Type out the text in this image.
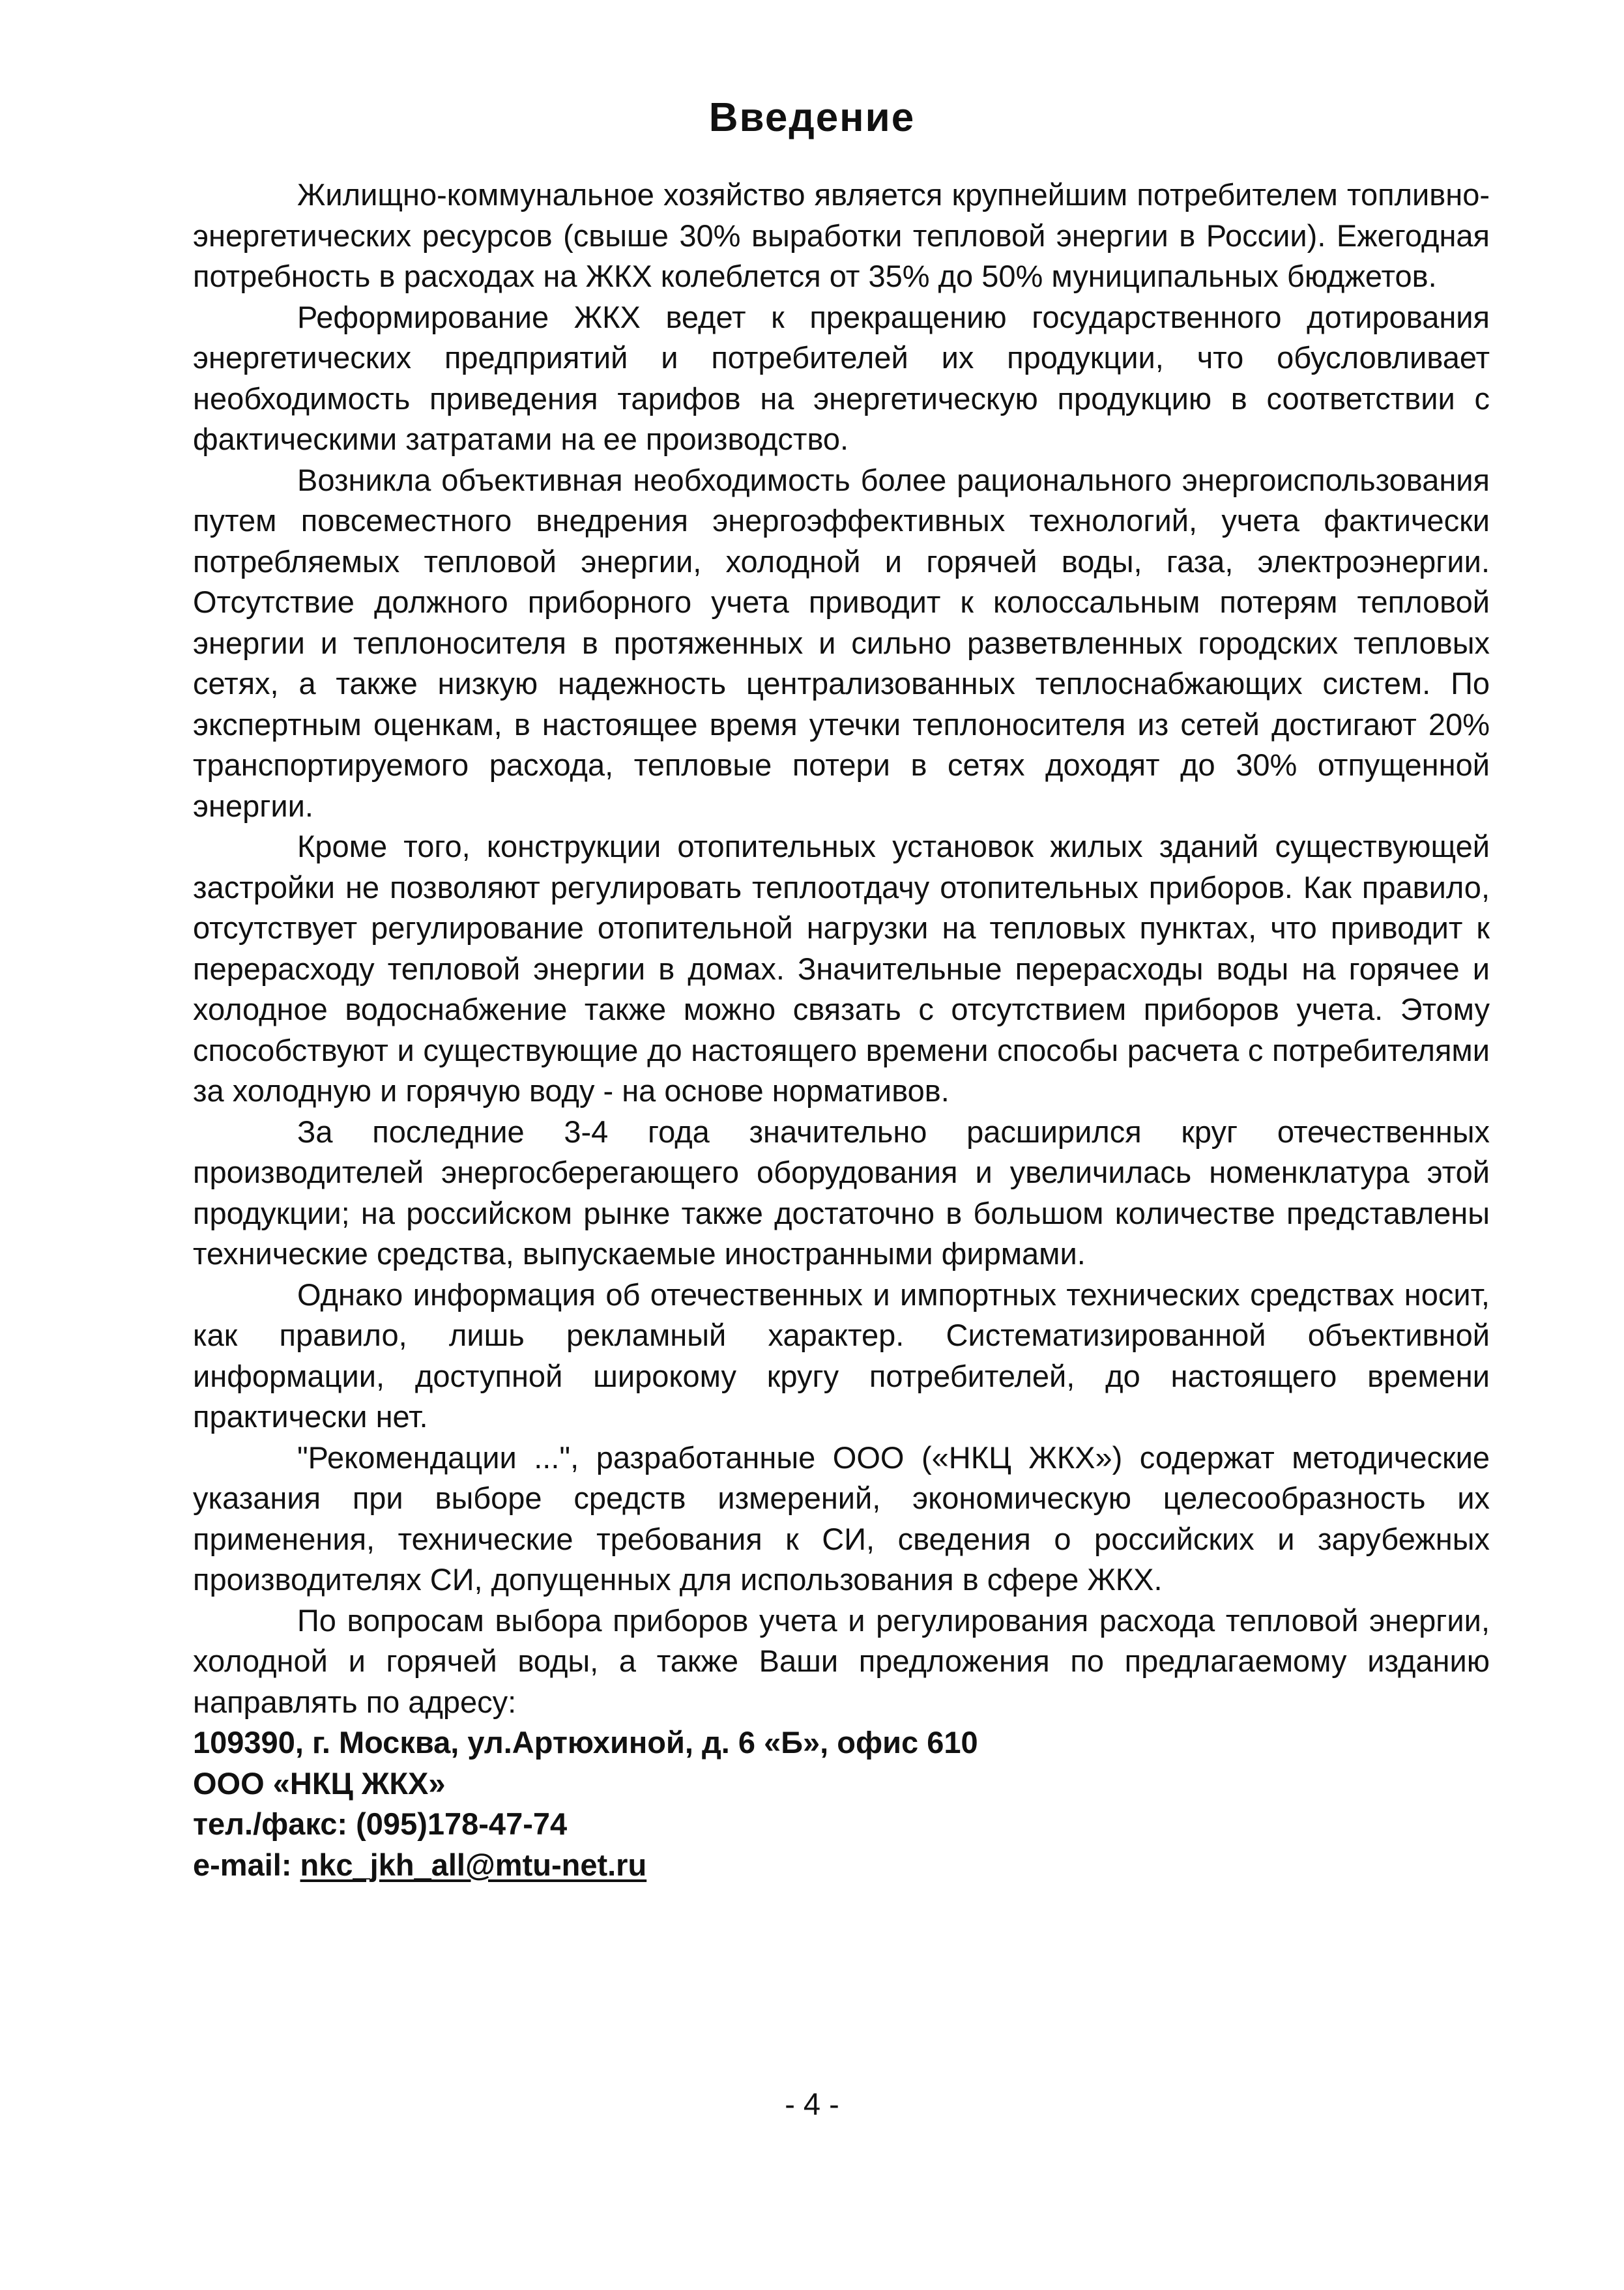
Введение

Жилищно-коммунальное хозяйство является крупнейшим потребителем топливно-энергетических ресурсов (свыше 30% выработки тепловой энергии в России). Ежегодная потребность в расходах на ЖКХ колеблется от 35% до 50% муниципальных бюджетов.

Реформирование ЖКХ ведет к прекращению государственного дотирования энергетических предприятий и потребителей их продукции, что обусловливает необходимость приведения тарифов на энергетическую продукцию в соответствии с фактическими затратами на ее производство.

Возникла объективная необходимость более рационального энергоиспользования путем повсеместного внедрения энергоэффективных технологий, учета фактически потребляемых тепловой энергии, холодной и горячей воды, газа, электроэнергии. Отсутствие должного приборного учета приводит к колоссальным потерям тепловой энергии и теплоносителя в протяженных и сильно разветвленных городских тепловых сетях, а также низкую надежность централизованных теплоснабжающих систем. По экспертным оценкам, в настоящее время утечки теплоносителя из сетей достигают 20% транспортируемого расхода, тепловые потери в сетях доходят до 30% отпущенной энергии.

Кроме того, конструкции отопительных установок жилых зданий существующей застройки не позволяют регулировать теплоотдачу отопительных приборов. Как правило, отсутствует регулирование отопительной нагрузки на тепловых пунктах, что приводит к перерасходу тепловой энергии в домах. Значительные перерасходы воды на горячее и холодное водоснабжение также можно связать с отсутствием приборов учета. Этому способствуют и существующие до настоящего времени способы расчета с потребителями за холодную и горячую воду - на основе нормативов.

За последние 3-4 года значительно расширился круг отечественных производителей энергосберегающего оборудования и увеличилась номенклатура этой продукции; на российском рынке также достаточно в большом количестве представлены технические средства, выпускаемые иностранными фирмами.

Однако информация об отечественных и импортных технических средствах носит, как правило, лишь рекламный характер. Систематизированной объективной информации, доступной широкому кругу потребителей, до настоящего времени практически нет.

"Рекомендации ...", разработанные ООО («НКЦ ЖКХ») содержат методические указания при выборе средств измерений, экономическую целесообразность их применения, технические требования к СИ, сведения о российских и зарубежных производителях СИ, допущенных для использования в сфере ЖКХ.

По вопросам выбора приборов учета и регулирования расхода тепловой энергии, холодной и горячей воды, а также Ваши предложения по предлагаемому изданию направлять по адресу:

109390, г. Москва, ул.Артюхиной, д. 6 «Б», офис 610
ООО «НКЦ ЖКХ»
тел./факс: (095)178-47-74
e-mail: nkc_jkh_all@mtu-net.ru
- 4 -
